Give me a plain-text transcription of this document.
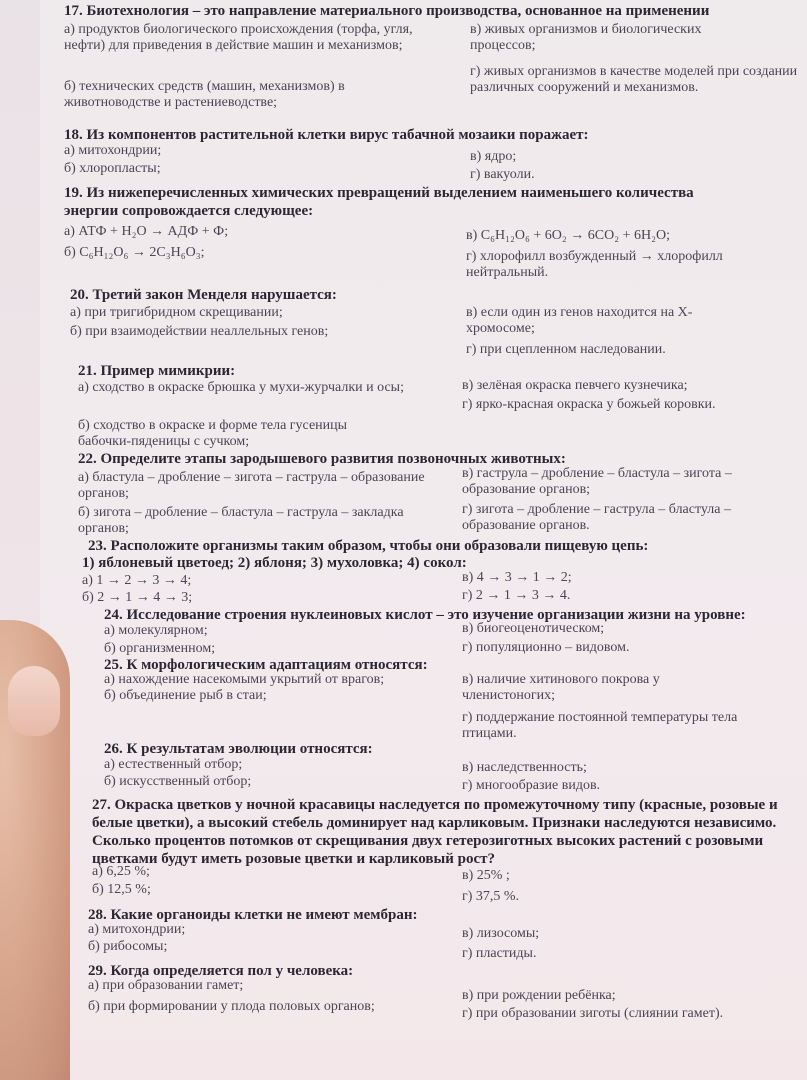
17. Биотехнология – это направление материального производства, основанное на применении
а) продуктов биологического происхождения (торфа, угля, нефти) для приведения в действие машин и механизмов;
б) технических средств (машин, механизмов) в животноводстве и растениеводстве;
в) живых организмов и биологических процессов;
г) живых организмов в качестве моделей при создании различных сооружений и механизмов.
18. Из компонентов растительной клетки вирус табачной мозаики поражает:
а) митохондрии;
б) хлоропласты;
в) ядро;
г) вакуоли.
19. Из нижеперечисленных химических превращений выделением наименьшего количества энергии сопровождается следующее:
а) АТФ + H₂O → АДФ + Ф;
б) C₆H₁₂O₆ → 2C₃H₆O₃;
в) C₆H₁₂O₆ + 6O₂ → 6CO₂ + 6H₂O;
г) хлорофилл возбужденный → хлорофилл нейтральный.
20. Третий закон Менделя нарушается:
а) при тригибридном скрещивании;
б) при взаимодействии неаллельных генов;
в) если один из генов находится на X-хромосоме;
г) при сцепленном наследовании.
21. Пример мимикрии:
а) сходство в окраске брюшка у мухи-журчалки и осы;
б) сходство в окраске и форме тела гусеницы бабочки-пяденицы с сучком;
в) зелёная окраска певчего кузнечика;
г) ярко-красная окраска у божьей коровки.
22. Определите этапы зародышевого развития позвоночных животных:
а) бластула – дробление – зигота – гаструла – образование органов;
б) зигота – дробление – бластула – гаструла – закладка органов;
в) гаструла – дробление – бластула – зигота – образование органов;
г) зигота – дробление – гаструла – бластула – образование органов.
23. Расположите организмы таким образом, чтобы они образовали пищевую цепь:
1) яблоневый цветоед; 2) яблоня; 3) мухоловка; 4) сокол:
а) 1 → 2 → 3 → 4;
б) 2 → 1 → 4 → 3;
в) 4 → 3 → 1 → 2;
г) 2 → 1 → 3 → 4.
24. Исследование строения нуклеиновых кислот – это изучение организации жизни на уровне:
а) молекулярном;
б) организменном;
в) биогеоценотическом;
г) популяционно – видовом.
25. К морфологическим адаптациям относятся:
а) нахождение насекомыми укрытий от врагов;
б) объединение рыб в стаи;
в) наличие хитинового покрова у членистоногих;
г) поддержание постоянной температуры тела птицами.
26. К результатам эволюции относятся:
а) естественный отбор;
б) искусственный отбор;
в) наследственность;
г) многообразие видов.
27. Окраска цветков у ночной красавицы наследуется по промежуточному типу (красные, розовые и белые цветки), а высокий стебель доминирует над карликовым. Признаки наследуются независимо. Сколько процентов потомков от скрещивания двух гетерозиготных высоких растений с розовыми цветками будут иметь розовые цветки и карликовый рост?
а) 6,25 %;
б) 12,5 %;
в) 25% ;
г) 37,5 %.
28. Какие органоиды клетки не имеют мембран:
а) митохондрии;
б) рибосомы;
в) лизосомы;
г) пластиды.
29. Когда определяется пол у человека:
а) при образовании гамет;
б) при формировании у плода половых органов;
в) при рождении ребёнка;
г) при образовании зиготы (слиянии гамет).
